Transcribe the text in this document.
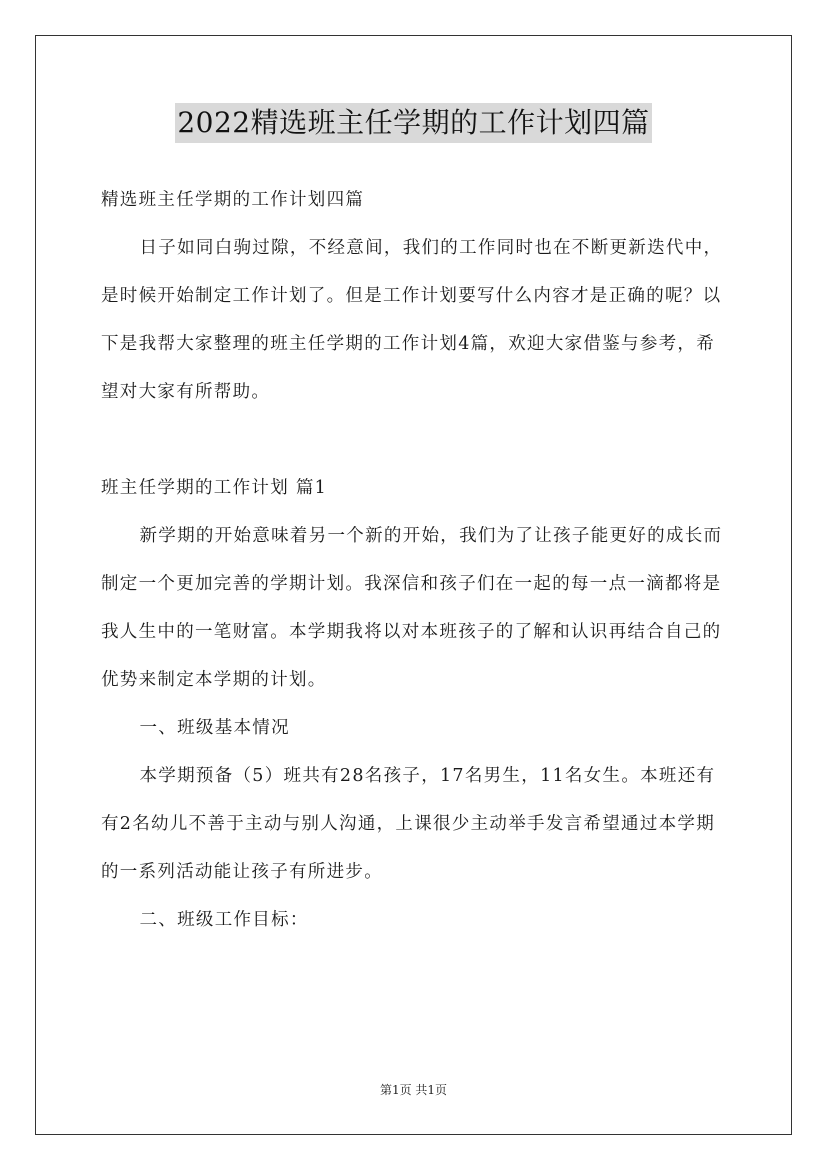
2022精选班主任学期的工作计划四篇

精选班主任学期的工作计划四篇

日子如同白驹过隙，不经意间，我们的工作同时也在不断更新迭代中，是时候开始制定工作计划了。但是工作计划要写什么内容才是正确的呢？以下是我帮大家整理的班主任学期的工作计划4篇，欢迎大家借鉴与参考，希望对大家有所帮助。

班主任学期的工作计划 篇1

新学期的开始意味着另一个新的开始，我们为了让孩子能更好的成长而制定一个更加完善的学期计划。我深信和孩子们在一起的每一点一滴都将是我人生中的一笔财富。本学期我将以对本班孩子的了解和认识再结合自己的优势来制定本学期的计划。

一、班级基本情况

本学期预备（5）班共有28名孩子，17名男生，11名女生。本班还有有2名幼儿不善于主动与别人沟通，上课很少主动举手发言希望通过本学期的一系列活动能让孩子有所进步。

二、班级工作目标：

第1页 共1页
